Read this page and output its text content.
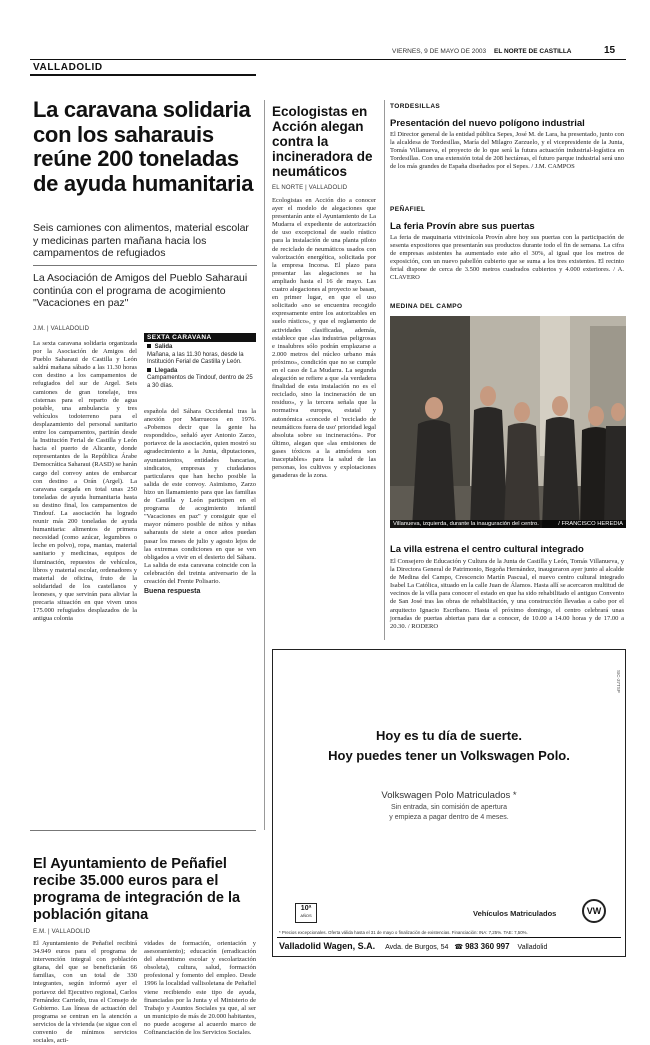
VIERNES, 9 DE MAYO DE 2003 EL NORTE DE CASTILLA	15
VALLADOLID
La caravana solidaria con los saharauis reúne 200 toneladas de ayuda humanitaria
Seis camiones con alimentos, material escolar y medicinas parten mañana hacia los campamentos de refugiados
La Asociación de Amigos del Pueblo Saharaui continúa con el programa de acogimiento "Vacaciones en paz"
J.M. | VALLADOLID
La sexta caravana solidaria organizada por la Asociación de Amigos del Pueblo Saharaui de Castilla y León saldrá mañana sábado a las 11.30 horas con destino a los campamentos de refugiados del sur de Argel. Seis camiones de gran tonelaje, tres cisternas para el reparto de agua potable, una ambulancia y tres vehículos todoterreno para el desplazamiento del personal sanitario entre los campamentos, partirán desde la Institución Ferial de Castilla y León hacia el puerto de Alicante, donde representantes de la República Árabe Democrática Saharaui (RASD) se harán cargo del convoy antes de embarcar con destino a Orán (Argel). La caravana cargada en total unas 250 toneladas de ayuda humanitaria hasta su destino final, los campamentos de Tindouf. La asociación ha logrado reunir más 200 toneladas de ayuda humanitaria: alimentos de primera necesidad (como azúcar, legumbres o leche en polvo), ropa, mantas, material sanitario y medicinas, equipos de iluminación, repuestos de vehículos, libros y material escolar, ordenadores y material de oficina, fruto de la solidaridad de los castellanos y leoneses, y que servirán para aliviar la precaria situación en que viven unos 175.000 refugiados desplazados de la antigua colonia
SEXTA CARAVANA
Salida
Mañana, a las 11.30 horas, desde la Institución Ferial de Castilla y León.
Llegada
Campamentos de Tindouf, dentro de 25 a 30 días.
española del Sáhara Occidental tras la anexión por Marruecos en 1976. «Pobemos decir que la gente ha respondido», señaló ayer Antonio Zarzo, portavoz de la asociación, quien mostró su agradecimiento a la Junta, diputaciones, ayuntamientos, entidades bancarias, sindicatos, empresas y ciudadanos particulares que han hecho posible la salida de este convoy. Asimismo, Zarzo hizo un llamamiento para que las familias de Castilla y León participen en el programa de acogimiento infantil "Vacaciones en paz" y consiguir que el mayor número posible de niños y niñas saharauis de siete a once años puedan pasar los meses de julio y agosto lejos de las extremas condiciones en que se ven obligados a vivir en el desierto del Sáhara. La salida de esta caravana coincide con la celebración del treinta aniversario de la creación del Frente Polisario.
Buena respuesta
Ecologistas en Acción alegan contra la incineradora de neumáticos
EL NORTE | VALLADOLID
Ecologistas en Acción dio a conocer ayer el modelo de alegaciones que presentarán ante el Ayuntamiento de La Mudarra el expediente de autorización de uso excepcional de suelo rústico para la instalación de una planta piloto de reciclado de neumáticos usados con valorización energética, solicitada por la empresa Incorsa. El plazo para presentar las alegaciones se ha ampliado hasta el 16 de mayo. Las cuatro alegaciones al proyecto se basan, en primer lugar, en que el uso solicitado «no se encuentra recogido expresamente entre los autorizables en suelo rústico», y que el reglamento de actividades clasificadas, además, establece que «las industrias peligrosas e insalubres sólo podrán emplazarse a 2.000 metros del núcleo urbano más próximo», condición que no se cumple en el caso de La Mudarra. La segunda alegación se refiere a que «la verdadera finalidad de esta instalación no es el reciclado, sino la incineración de un residuo», y la tercera señala que la normativa europea, estatal y autonómica «concede el 'reciclado de neumáticos fuera de uso' prioridad legal absoluta sobre su incineración». Por último, alegan que «las emisiones de gases tóxicos a la atmósfera son inaceptables» para la salud de las personas, los cultivos y explotaciones ganaderas de la zona.
TORDESILLAS
Presentación del nuevo polígono industrial
El Director general de la entidad pública Sepes, José M. de Lara, ha presentado, junto con la alcaldesa de Tordesillas, María del Milagro Zarzuelo, y el vicepresidente de la Junta, Tomás Villanueva, el proyecto de lo que será la futura actuación industrial-logística en Tordesillas. Con una extensión total de 208 hectáreas, el futuro parque industrial será uno de los más grandes de España diseñados por el Sepes. / J.M. CAMPOS
PEÑAFIEL
La feria Provín abre sus puertas
La feria de maquinaria vitivinícola Provín abre hoy sus puertas con la participación de sesenta expositores que presentarán sus productos durante todo el fin de semana. La cifra de empresas asistentes ha aumentado este año el 30%, al igual que los metros de exposición, con un nuevo pabellón cubierto que se suma a los tres existentes. El recinto ferial dispone de cerca de 3.500 metros cuadrados cubiertos y 4.000 exteriores. / A. CLAVERO
MEDINA DEL CAMPO
Villanueva, izquierda, durante la inauguración del centro.	/ FRANCISCO HEREDIA
La villa estrena el centro cultural integrado
El Consejero de Educación y Cultura de la Junta de Castilla y León, Tomás Villanueva, y la Directora General de Patrimonio, Begoña Hernández, inauguraron ayer junto al alcalde de Medina del Campo, Crescencio Martín Pascual, el nuevo centro cultural integrado Isabel La Católica, situado en la calle Juan de Álamos. Hasta allí se acercaron multitud de vecinos de la villa para conocer el estado en que ha sido rehabilitado el antiguo Convento de San José tras las obras de rehabilitación, y una construcción llevadas a cabo por el arquitecto Ignacio Escribano. Hasta el próximo domingo, el centro celebrará unas jornadas de puertas abiertas para dar a conocer, de 10.00 a 14.00 horas y de 17.00 a 20.30. / RODERO
El Ayuntamiento de Peñafiel recibe 35.000 euros para el programa de integración de la población gitana
E.M. | VALLADOLID
El Ayuntamiento de Peñafiel recibirá 34.949 euros para el programa de intervención integral con población gitana, del que se beneficiarán 66 familias, con un total de 330 integrantes, según informó ayer el portavoz del Ejecutivo regional, Carlos Fernández Carriedo, tras el Consejo de Gobierno. Las líneas de actuación del programa se centran en la atención a servicios de la vivienda (se sigue con el convenio de mínimos servicios sociales, acti-
vidades de formación, orientación y asesoramiento); educación (erradicación del absentismo escolar y escolarización obsoleta), cultura, salud, formación profesional y fomento del empleo. Desde 1996 la localidad vallisoletana de Peñafiel viene recibiendo este tipo de ayuda, financiadas por la Junta y el Ministerio de Trabajo y Asuntos Sociales ya que, al ser un municipio de más de 20.000 habitantes, no puede acogerse al acuerdo marco de Cofinanciación de los Servicios Sociales.
SIC-37TSP
Hoy es tu día de suerte.
Hoy puedes tener un Volkswagen Polo.
Volkswagen Polo Matriculados *
Sin entrada, sin comisión de apertura
y empieza a pagar dentro de 4 meses.
10ª
AÑOS	Vehículos Matriculados	VW
* Precios excepcionales. Oferta válida hasta el 31 de mayo o finalización de existencias. Financiación: INA: 7,25%. TAE: 7,50%.
Valladolid Wagen, S.A. Avda. de Burgos, 54 ☎ 983 360 997 Valladolid
